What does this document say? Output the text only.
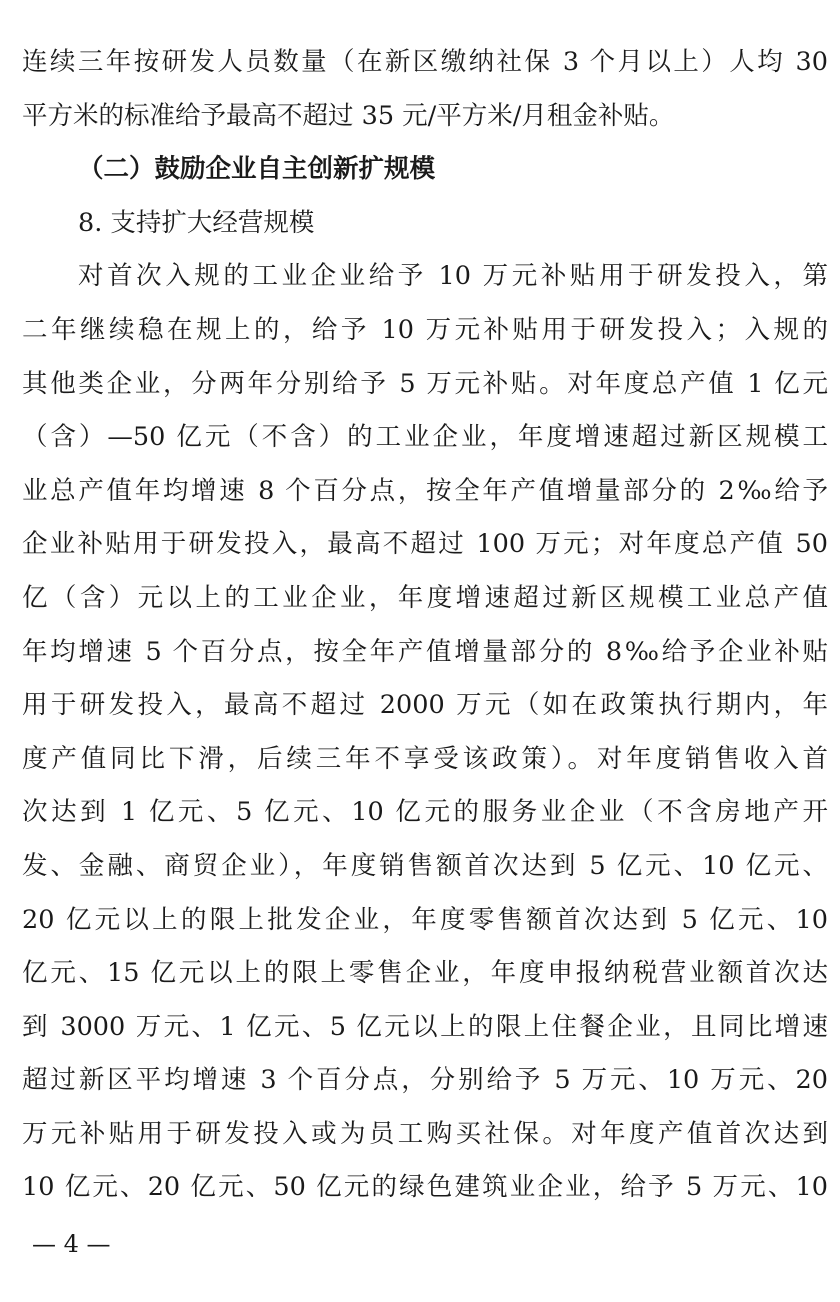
连续三年按研发人员数量（在新区缴纳社保 3 个月以上）人均 30
平方米的标准给予最高不超过 35 元/平方米/月租金补贴。
（二）鼓励企业自主创新扩规模
8. 支持扩大经营规模
对首次入规的工业企业给予 10 万元补贴用于研发投入，第
二年继续稳在规上的，给予 10 万元补贴用于研发投入；入规的
其他类企业，分两年分别给予 5 万元补贴。对年度总产值 1 亿元
（含）—50 亿元（不含）的工业企业，年度增速超过新区规模工
业总产值年均增速 8 个百分点，按全年产值增量部分的 2‰给予
企业补贴用于研发投入，最高不超过 100 万元；对年度总产值 50
亿（含）元以上的工业企业，年度增速超过新区规模工业总产值
年均增速 5 个百分点，按全年产值增量部分的 8‰给予企业补贴
用于研发投入，最高不超过 2000 万元（如在政策执行期内，年
度产值同比下滑，后续三年不享受该政策）。对年度销售收入首
次达到 1 亿元、5 亿元、10 亿元的服务业企业（不含房地产开
发、金融、商贸企业），年度销售额首次达到 5 亿元、10 亿元、
20 亿元以上的限上批发企业，年度零售额首次达到 5 亿元、10
亿元、15 亿元以上的限上零售企业，年度申报纳税营业额首次达
到 3000 万元、1 亿元、5 亿元以上的限上住餐企业，且同比增速
超过新区平均增速 3 个百分点，分别给予 5 万元、10 万元、20
万元补贴用于研发投入或为员工购买社保。对年度产值首次达到
10 亿元、20 亿元、50 亿元的绿色建筑业企业，给予 5 万元、10
— 4 —
